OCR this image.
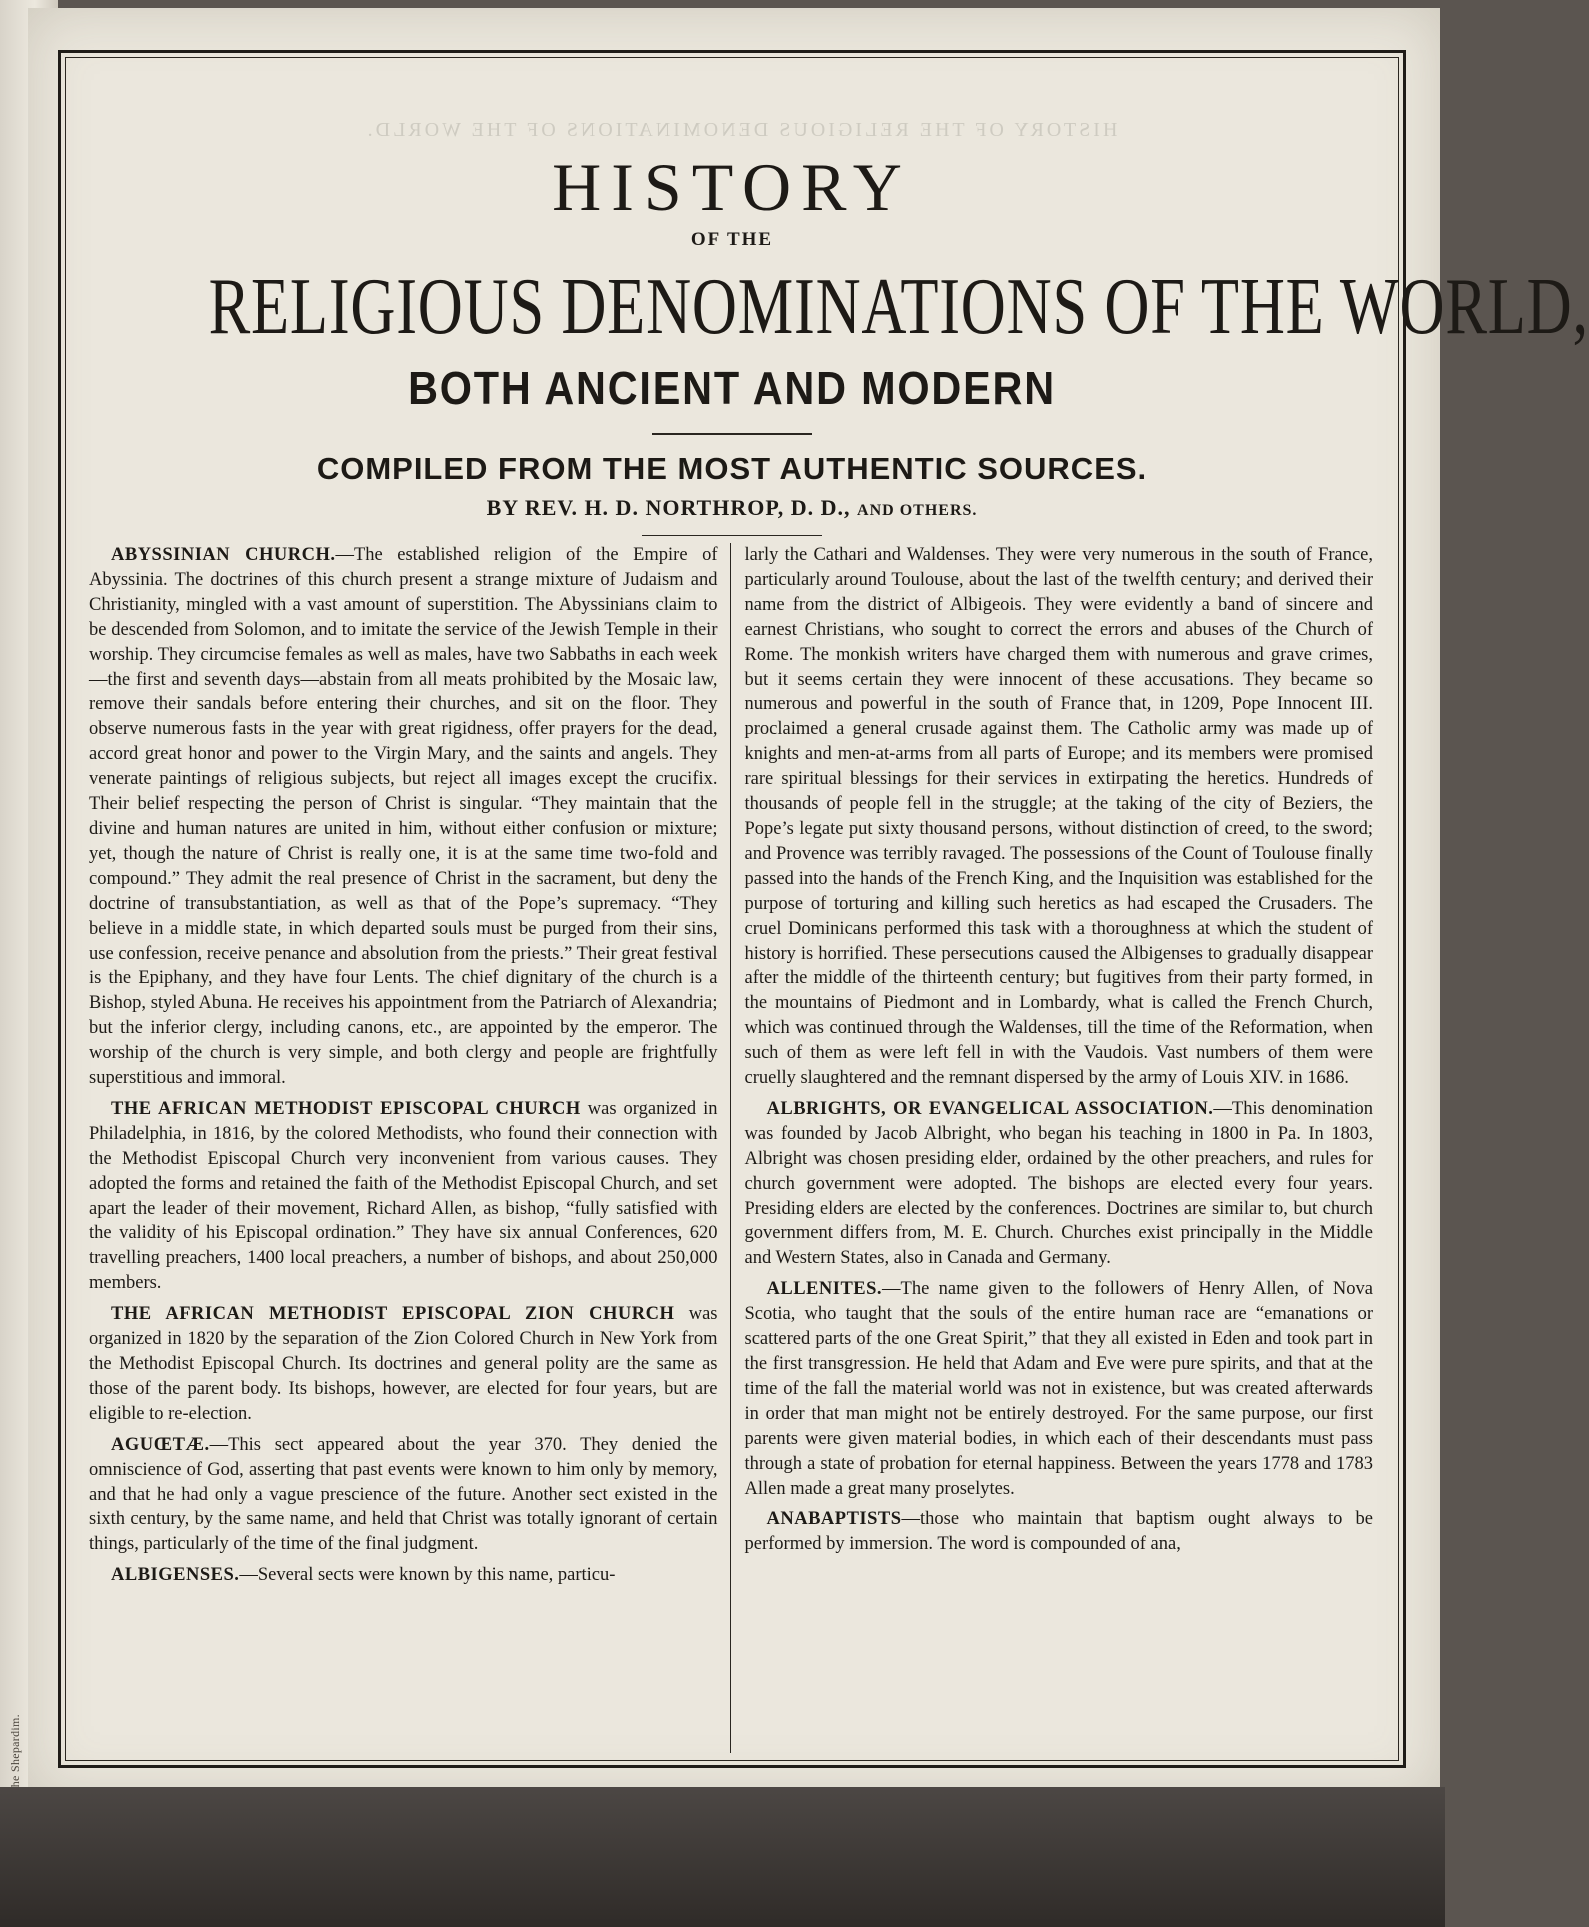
HISTORY OF THE RELIGIOUS DENOMINATIONS OF THE WORLD.
HISTORY
OF THE
RELIGIOUS DENOMINATIONS OF THE WORLD,
BOTH ANCIENT AND MODERN
COMPILED FROM THE MOST AUTHENTIC SOURCES.
BY REV. H. D. NORTHROP, D. D., AND OTHERS.

ABYSSINIAN CHURCH.—The established religion of the Empire of Abyssinia. The doctrines of this church present a strange mixture of Judaism and Christianity, mingled with a vast amount of superstition. The Abyssinians claim to be descended from Solomon, and to imitate the service of the Jewish Temple in their worship. They circumcise females as well as males, have two Sabbaths in each week—the first and seventh days—abstain from all meats prohibited by the Mosaic law, remove their sandals before entering their churches, and sit on the floor. They observe numerous fasts in the year with great rigidness, offer prayers for the dead, accord great honor and power to the Virgin Mary, and the saints and angels. They venerate paintings of religious subjects, but reject all images except the crucifix. Their belief respecting the person of Christ is singular. “They maintain that the divine and human natures are united in him, without either confusion or mixture; yet, though the nature of Christ is really one, it is at the same time two-fold and compound.” They admit the real presence of Christ in the sacrament, but deny the doctrine of transubstantiation, as well as that of the Pope’s supremacy. “They believe in a middle state, in which departed souls must be purged from their sins, use confession, receive penance and absolution from the priests.” Their great festival is the Epiphany, and they have four Lents. The chief dignitary of the church is a Bishop, styled Abuna. He receives his appointment from the Patriarch of Alexandria; but the inferior clergy, including canons, etc., are appointed by the emperor. The worship of the church is very simple, and both clergy and people are frightfully superstitious and immoral.

THE AFRICAN METHODIST EPISCOPAL CHURCH was organized in Philadelphia, in 1816, by the colored Methodists, who found their connection with the Methodist Episcopal Church very inconvenient from various causes. They adopted the forms and retained the faith of the Methodist Episcopal Church, and set apart the leader of their movement, Richard Allen, as bishop, “fully satisfied with the validity of his Episcopal ordination.” They have six annual Conferences, 620 travelling preachers, 1400 local preachers, a number of bishops, and about 250,000 members.

THE AFRICAN METHODIST EPISCOPAL ZION CHURCH was organized in 1820 by the separation of the Zion Colored Church in New York from the Methodist Episcopal Church. Its doctrines and general polity are the same as those of the parent body. Its bishops, however, are elected for four years, but are eligible to re-election.

AGUŒTÆ.—This sect appeared about the year 370. They denied the omniscience of God, asserting that past events were known to him only by memory, and that he had only a vague prescience of the future. Another sect existed in the sixth century, by the same name, and held that Christ was totally ignorant of certain things, particularly of the time of the final judgment.

ALBIGENSES.—Several sects were known by this name, particu-

larly the Cathari and Waldenses. They were very numerous in the south of France, particularly around Toulouse, about the last of the twelfth century; and derived their name from the district of Albigeois. They were evidently a band of sincere and earnest Christians, who sought to correct the errors and abuses of the Church of Rome. The monkish writers have charged them with numerous and grave crimes, but it seems certain they were innocent of these accusations. They became so numerous and powerful in the south of France that, in 1209, Pope Innocent III. proclaimed a general crusade against them. The Catholic army was made up of knights and men-at-arms from all parts of Europe; and its members were promised rare spiritual blessings for their services in extirpating the heretics. Hundreds of thousands of people fell in the struggle; at the taking of the city of Beziers, the Pope’s legate put sixty thousand persons, without distinction of creed, to the sword; and Provence was terribly ravaged. The possessions of the Count of Toulouse finally passed into the hands of the French King, and the Inquisition was established for the purpose of torturing and killing such heretics as had escaped the Crusaders. The cruel Dominicans performed this task with a thoroughness at which the student of history is horrified. These persecutions caused the Albigenses to gradually disappear after the middle of the thirteenth century; but fugitives from their party formed, in the mountains of Piedmont and in Lombardy, what is called the French Church, which was continued through the Waldenses, till the time of the Reformation, when such of them as were left fell in with the Vaudois. Vast numbers of them were cruelly slaughtered and the remnant dispersed by the army of Louis XIV. in 1686.

ALBRIGHTS, OR EVANGELICAL ASSOCIATION.—This denomination was founded by Jacob Albright, who began his teaching in 1800 in Pa. In 1803, Albright was chosen presiding elder, ordained by the other preachers, and rules for church government were adopted. The bishops are elected every four years. Presiding elders are elected by the conferences. Doctrines are similar to, but church government differs from, M. E. Church. Churches exist principally in the Middle and Western States, also in Canada and Germany.

ALLENITES.—The name given to the followers of Henry Allen, of Nova Scotia, who taught that the souls of the entire human race are “emanations or scattered parts of the one Great Spirit,” that they all existed in Eden and took part in the first transgression. He held that Adam and Eve were pure spirits, and that at the time of the fall the material world was not in existence, but was created afterwards in order that man might not be entirely destroyed. For the same purpose, our first parents were given material bodies, in which each of their descendants must pass through a state of probation for eternal happiness. Between the years 1778 and 1783 Allen made a great many proselytes.

ANABAPTISTS—those who maintain that baptism ought always to be performed by immersion. The word is compounded of ana,
